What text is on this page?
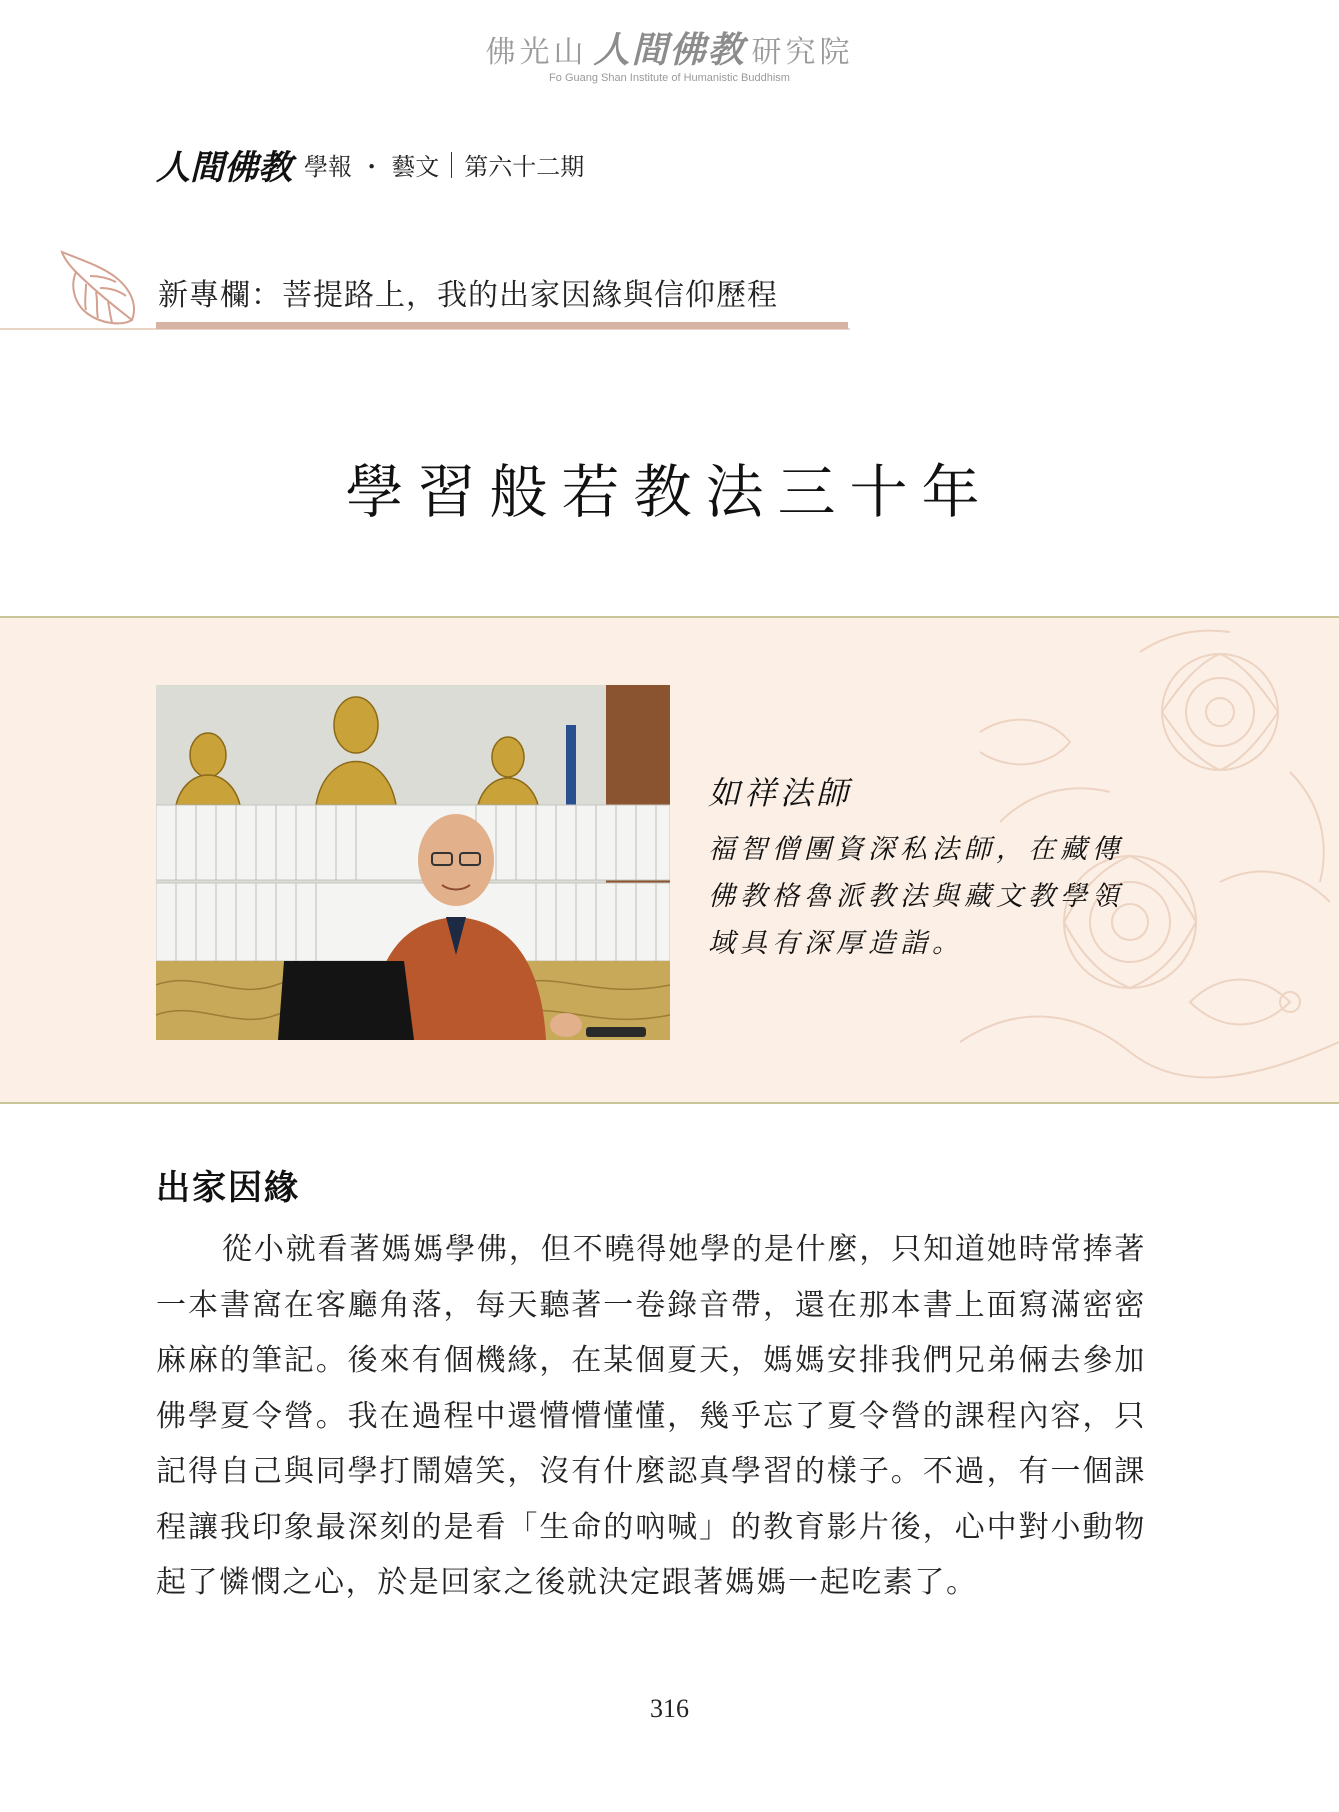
佛光山 人間佛教 研究院
Fo Guang Shan Institute of Humanistic Buddhism
人間佛教 學報 ・ 藝文 第六十二期
新專欄：菩提路上，我的出家因緣與信仰歷程
學習般若教法三十年
如祥法師
福智僧團資深私法師，在藏傳佛教格魯派教法與藏文教學領域具有深厚造詣。
出家因緣
從小就看著媽媽學佛，但不曉得她學的是什麼，只知道她時常捧著一本書窩在客廳角落，每天聽著一卷錄音帶，還在那本書上面寫滿密密麻麻的筆記。後來有個機緣，在某個夏天，媽媽安排我們兄弟倆去參加佛學夏令營。我在過程中還懵懵懂懂，幾乎忘了夏令營的課程內容，只記得自己與同學打鬧嬉笑，沒有什麼認真學習的樣子。不過，有一個課程讓我印象最深刻的是看「生命的吶喊」的教育影片後，心中對小動物起了憐憫之心，於是回家之後就決定跟著媽媽一起吃素了。
316
